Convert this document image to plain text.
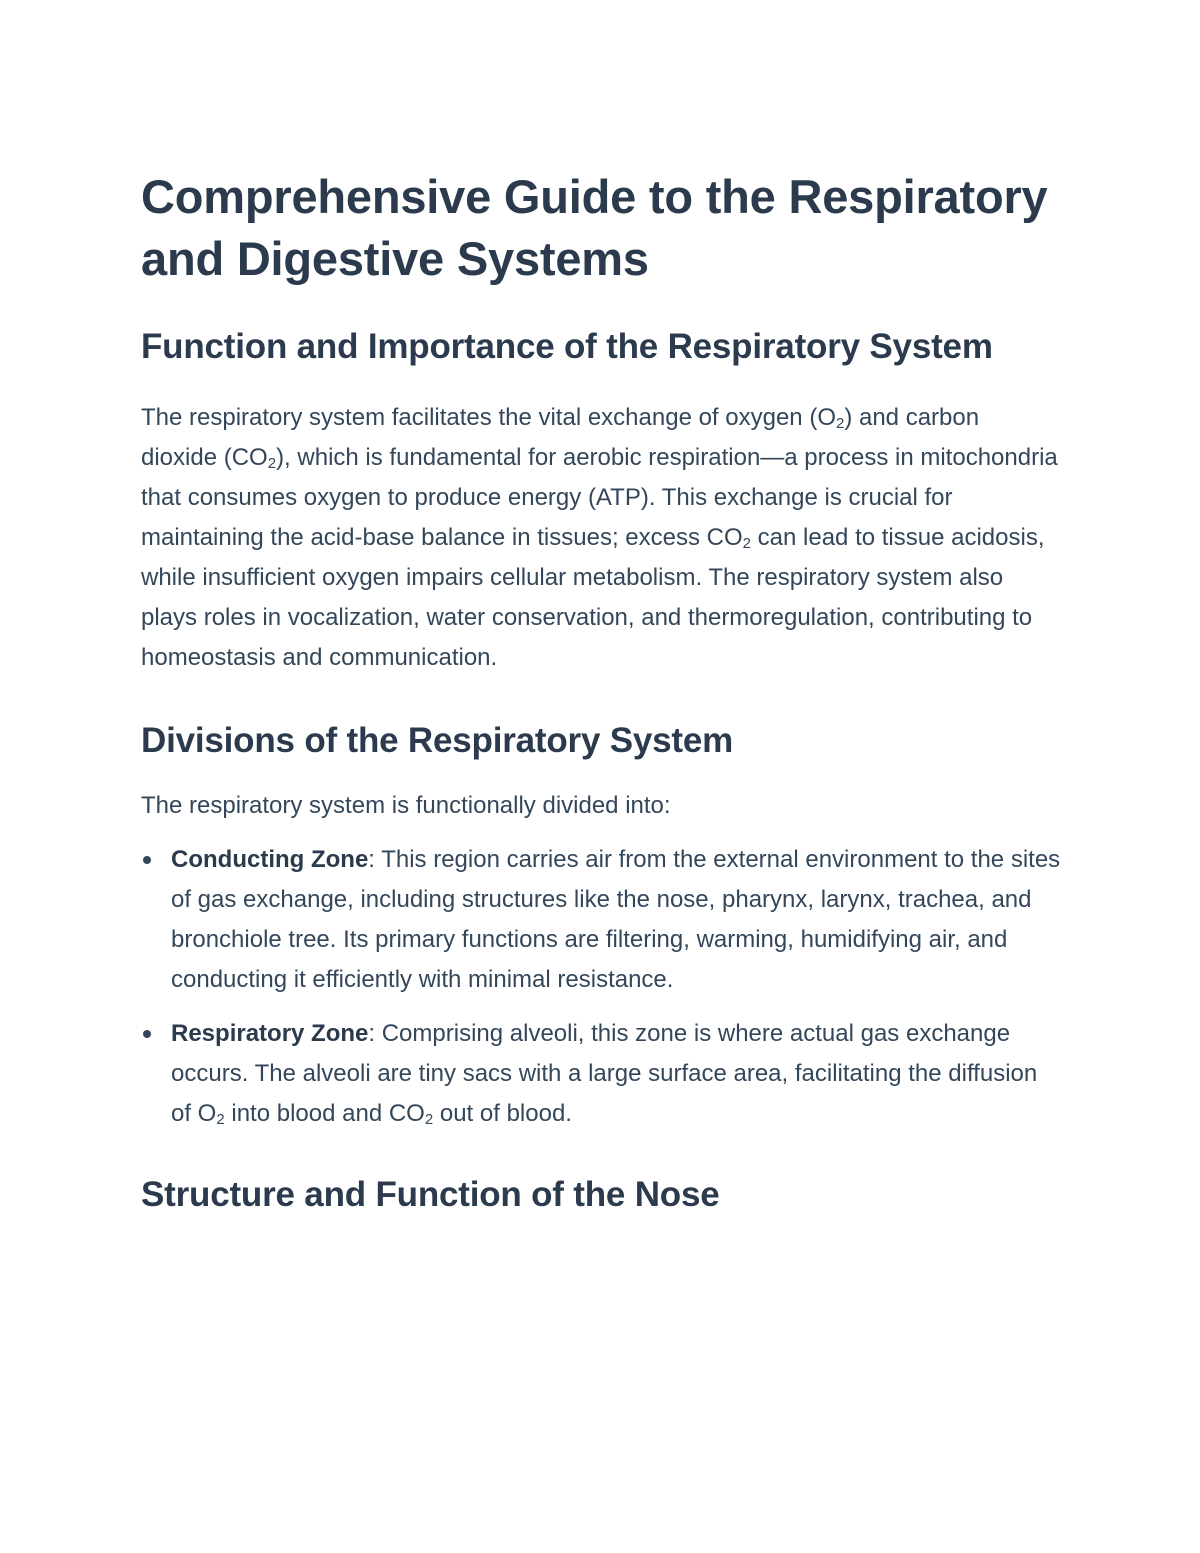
Comprehensive Guide to the Respiratory and Digestive Systems
Function and Importance of the Respiratory System

The respiratory system facilitates the vital exchange of oxygen $(O_2)$ and carbon dioxide $(CO_2)$, which is fundamental for aerobic respiration—a process in mitochondria that consumes oxygen to produce energy (ATP). This exchange is crucial for maintaining the acid-base balance in tissues; excess $CO_2$ can lead to tissue acidosis, while insufficient oxygen impairs cellular metabolism. The respiratory system also plays roles in vocalization, water conservation, and thermoregulation, contributing to homeostasis and communication.

Divisions of the Respiratory System

The respiratory system is functionally divided into:

Conducting Zone: This region carries air from the external environment to the sites of gas exchange, including structures like the nose, pharynx, larynx, trachea, and bronchiole tree. Its primary functions are filtering, warming, humidifying air, and conducting it efficiently with minimal resistance.
Respiratory Zone: Comprising alveoli, this zone is where actual gas exchange occurs. The alveoli are tiny sacs with a large surface area, facilitating the diffusion of $O_2$ into blood and $CO_2$ out of blood.
Structure and Function of the Nose
